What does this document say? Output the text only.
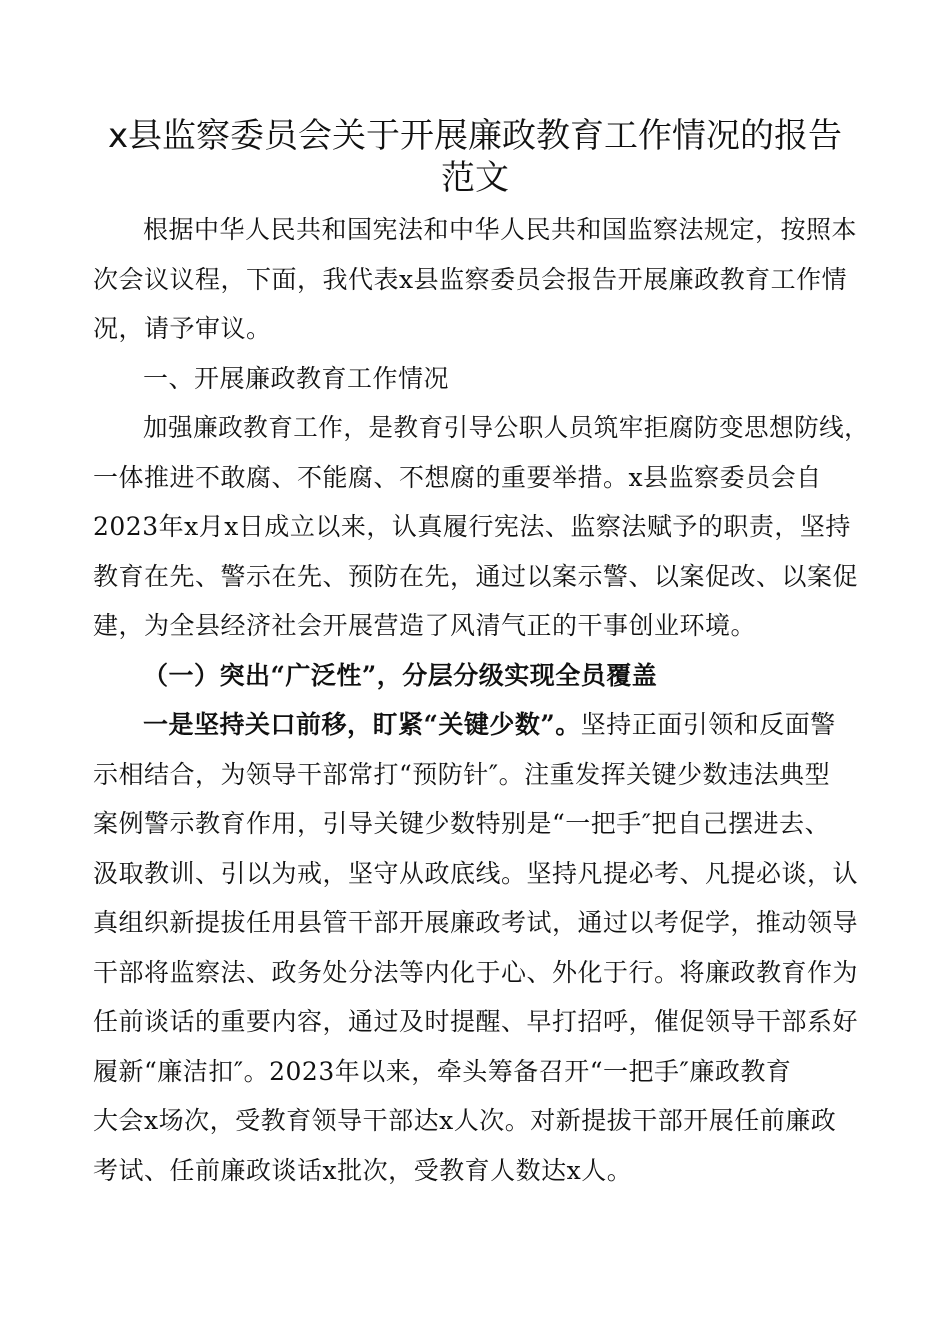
x县监察委员会关于开展廉政教育工作情况的报告
范文
根据中华人民共和国宪法和中华人民共和国监察法规定，按照本
次会议议程，下面，我代表x县监察委员会报告开展廉政教育工作情
况，请予审议。
一、开展廉政教育工作情况
加强廉政教育工作，是教育引导公职人员筑牢拒腐防变思想防线，
一体推进不敢腐、不能腐、不想腐的重要举措。x县监察委员会自
2023年x月x日成立以来，认真履行宪法、监察法赋予的职责，坚持
教育在先、警示在先、预防在先，通过以案示警、以案促改、以案促
建，为全县经济社会开展营造了风清气正的干事创业环境。
（一）突出“广泛性”，分层分级实现全员覆盖
一是坚持关口前移，盯紧“关键少数”。坚持正面引领和反面警
示相结合，为领导干部常打“预防针″。注重发挥关键少数违法典型
案例警示教育作用，引导关键少数特别是“一把手″把自己摆进去、
汲取教训、引以为戒，坚守从政底线。坚持凡提必考、凡提必谈，认
真组织新提拔任用县管干部开展廉政考试，通过以考促学，推动领导
干部将监察法、政务处分法等内化于心、外化于行。将廉政教育作为
任前谈话的重要内容，通过及时提醒、早打招呼，催促领导干部系好
履新“廉洁扣″。2023年以来，牵头筹备召开“一把手″廉政教育
大会x场次，受教育领导干部达x人次。对新提拔干部开展任前廉政
考试、任前廉政谈话x批次，受教育人数达x人。
